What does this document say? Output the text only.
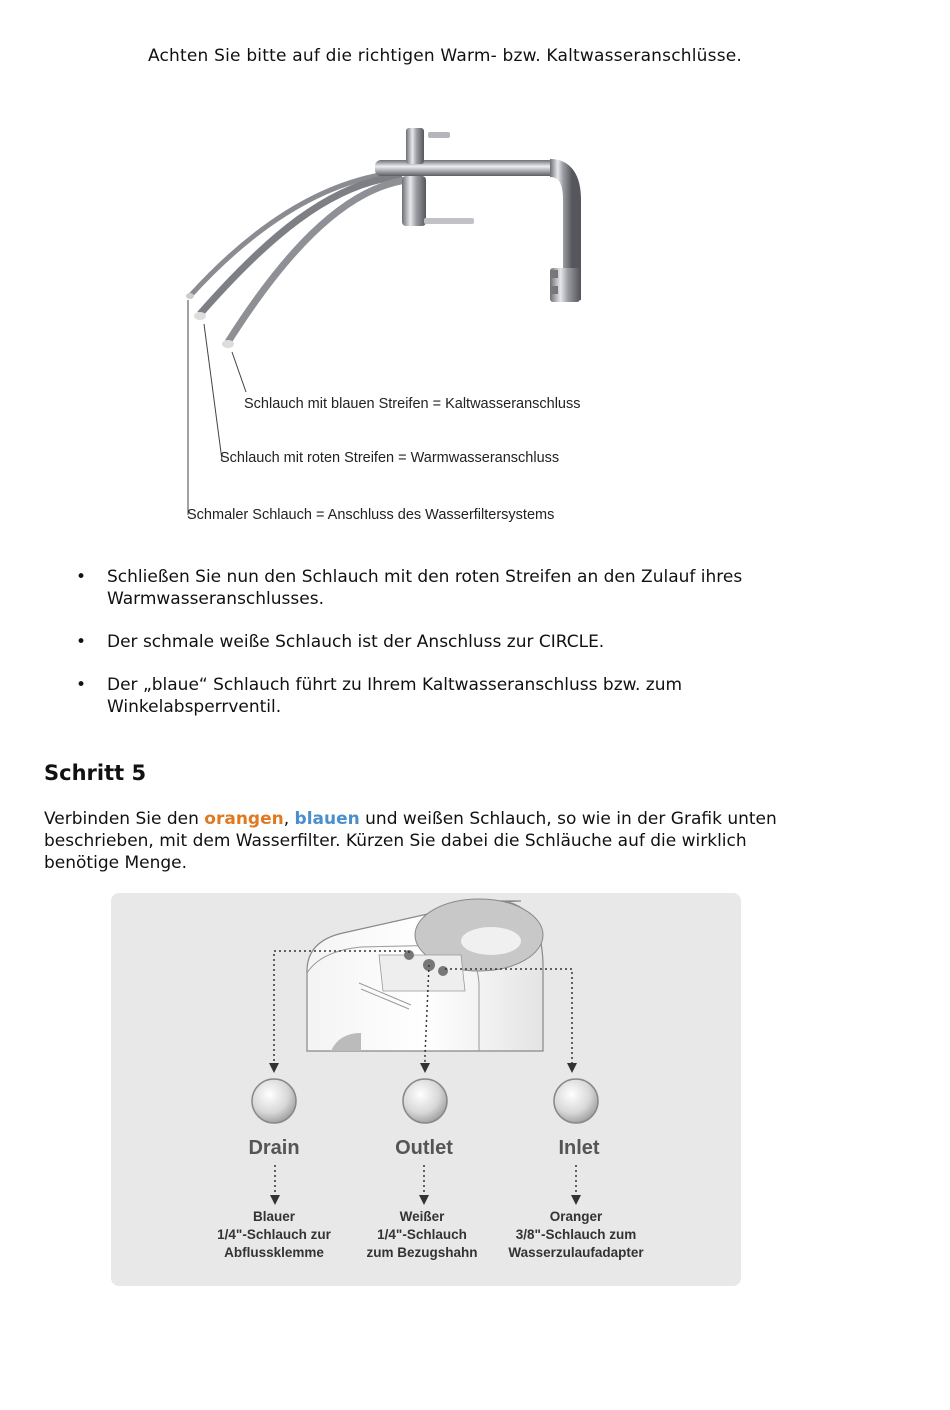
Achten Sie bitte auf die richtigen Warm- bzw. Kaltwasseranschlüsse.
Schlauch mit blauen Streifen = Kaltwasseranschluss
Schlauch mit roten Streifen = Warmwasseranschluss
Schmaler Schlauch = Anschluss des Wasserfiltersystems
• Schließen Sie nun den Schlauch mit den roten Streifen an den Zulauf ihres
Warmwasseranschlusses.
• Der schmale weiße Schlauch ist der Anschluss zur CIRCLE.
• Der „blaue“ Schlauch führt zu Ihrem Kaltwasseranschluss bzw. zum
Winkelabsperrventil.
Schritt 5
Verbinden Sie den orangen, blauen und weißen Schlauch, so wie in der Grafik unten
beschrieben, mit dem Wasserfilter. Kürzen Sie dabei die Schläuche auf die wirklich
benötige Menge.
Drain	Outlet	Inlet
Blauer
1/4"-Schlauch zur
Abflussklemme
Weißer
1/4"-Schlauch
zum Bezugshahn
Oranger
3/8"-Schlauch zum
Wasserzulaufadapter
